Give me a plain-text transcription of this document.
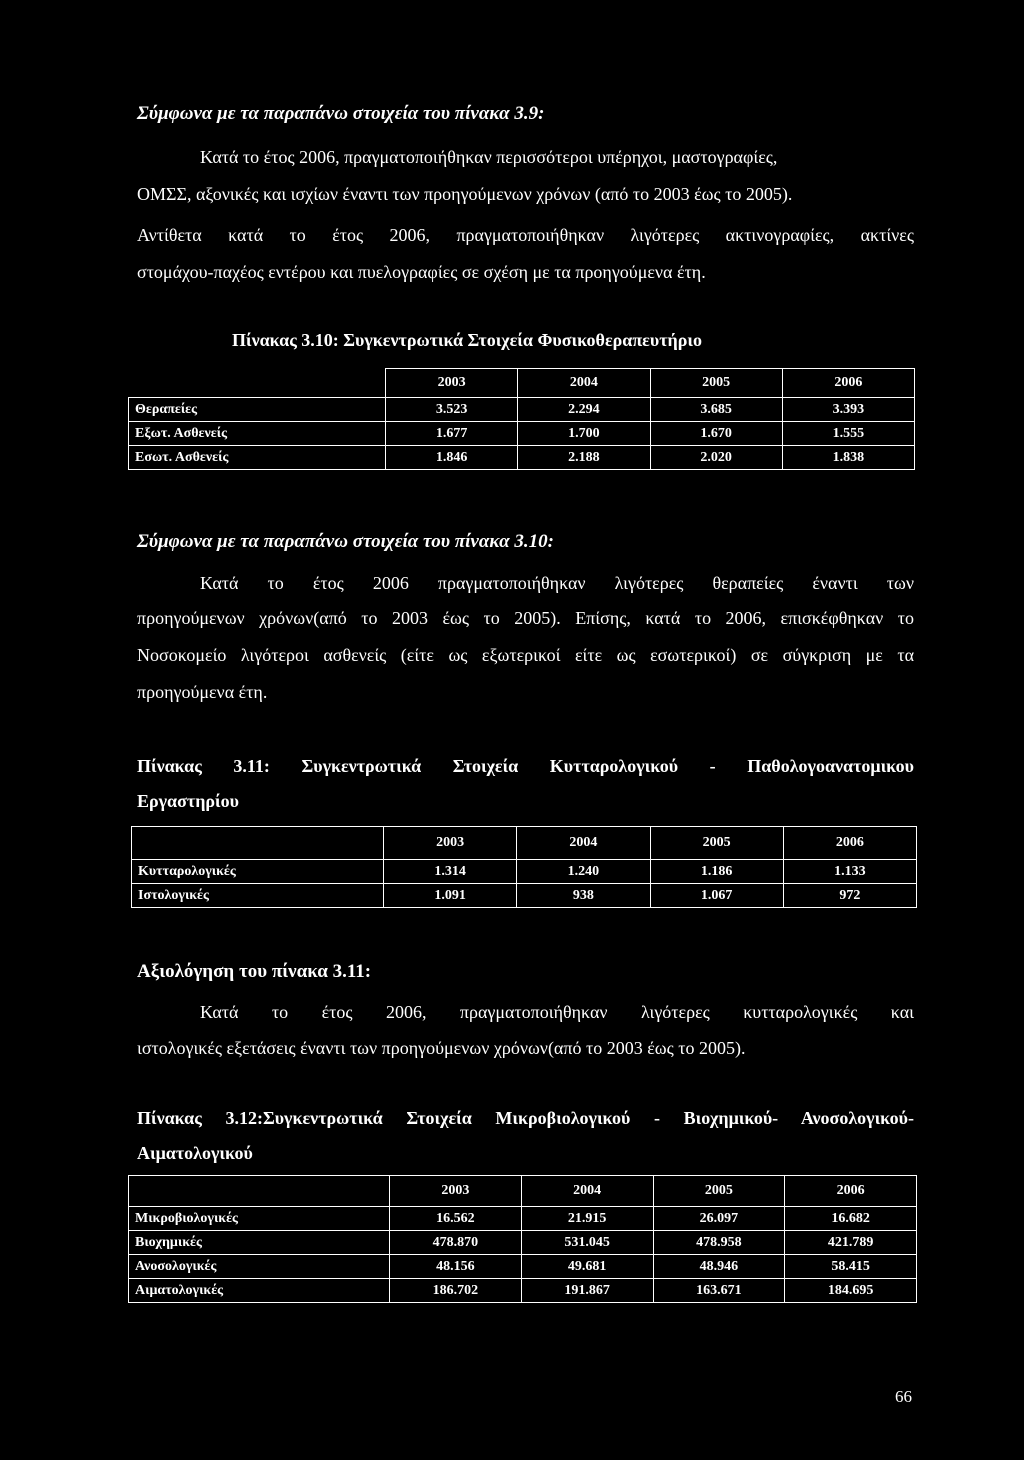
Σύμφωνα με τα παραπάνω στοιχεία του πίνακα 3.9:
Κατά το έτος 2006, πραγματοποιήθηκαν περισσότεροι υπέρηχοι, μαστογραφίες,
ΟΜΣΣ, αξονικές και ισχίων έναντι των προηγούμενων χρόνων (από το 2003 έως το 2005).
Αντίθετα κατά το έτος 2006, πραγματοποιήθηκαν λιγότερες ακτινογραφίες, ακτίνες
στομάχου-παχέος εντέρου και πυελογραφίες σε σχέση με τα προηγούμενα έτη.
Πίνακας 3.10: Συγκεντρωτικά Στοιχεία Φυσικοθεραπευτήριο
	2003	2004	2005	2006
Θεραπείες	3.523	2.294	3.685	3.393
Εξωτ. Ασθενείς	1.677	1.700	1.670	1.555
Εσωτ. Ασθενείς	1.846	2.188	2.020	1.838
Σύμφωνα με τα παραπάνω στοιχεία του πίνακα 3.10:
Κατά το έτος 2006 πραγματοποιήθηκαν λιγότερες θεραπείες έναντι των
προηγούμενων χρόνων(από το 2003 έως το 2005). Επίσης, κατά το 2006, επισκέφθηκαν το
Νοσοκομείο λιγότεροι ασθενείς (είτε ως εξωτερικοί είτε ως εσωτερικοί) σε σύγκριση με τα
προηγούμενα έτη.
Πίνακας 3.11: Συγκεντρωτικά Στοιχεία Κυτταρολογικού - Παθολογοανατομικου
Εργαστηρίου
	2003	2004	2005	2006
Κυτταρολογικές	1.314	1.240	1.186	1.133
Ιστολογικές	1.091	938	1.067	972
Αξιολόγηση του πίνακα 3.11:
Κατά το έτος 2006, πραγματοποιήθηκαν λιγότερες κυτταρολογικές και
ιστολογικές εξετάσεις έναντι των προηγούμενων χρόνων(από το 2003 έως το 2005).
Πίνακας 3.12:Συγκεντρωτικά Στοιχεία Μικροβιολογικού - Βιοχημικού- Ανοσολογικού-
Αιματολογικού
	2003	2004	2005	2006
Μικροβιολογικές	16.562	21.915	26.097	16.682
Βιοχημικές	478.870	531.045	478.958	421.789
Ανοσολογικές	48.156	49.681	48.946	58.415
Αιματολογικές	186.702	191.867	163.671	184.695
66
